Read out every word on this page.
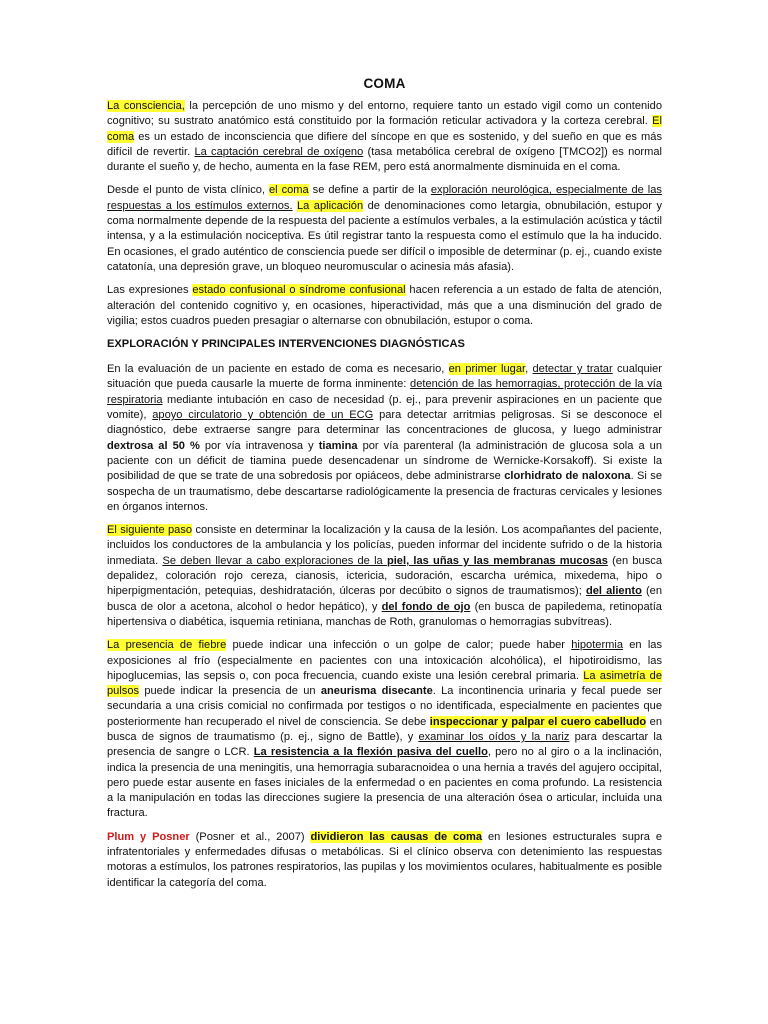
COMA

La consciencia, la percepción de uno mismo y del entorno, requiere tanto un estado vigil como un contenido cognitivo; su sustrato anatómico está constituido por la formación reticular activadora y la corteza cerebral. El coma es un estado de inconsciencia que difiere del síncope en que es sostenido, y del sueño en que es más difícil de revertir. La captación cerebral de oxígeno (tasa metabólica cerebral de oxígeno [TMCO2]) es normal durante el sueño y, de hecho, aumenta en la fase REM, pero está anormalmente disminuida en el coma.

Desde el punto de vista clínico, el coma se define a partir de la exploración neurológica, especialmente de las respuestas a los estímulos externos. La aplicación de denominaciones como letargia, obnubilación, estupor y coma normalmente depende de la respuesta del paciente a estímulos verbales, a la estimulación acústica y táctil intensa, y a la estimulación nociceptiva. Es útil registrar tanto la respuesta como el estímulo que la ha inducido. En ocasiones, el grado auténtico de consciencia puede ser difícil o imposible de determinar (p. ej., cuando existe catatonía, una depresión grave, un bloqueo neuromuscular o acinesia más afasia).

Las expresiones estado confusional o síndrome confusional hacen referencia a un estado de falta de atención, alteración del contenido cognitivo y, en ocasiones, hiperactividad, más que a una disminución del grado de vigilia; estos cuadros pueden presagiar o alternarse con obnubilación, estupor o coma.

EXPLORACIÓN Y PRINCIPALES INTERVENCIONES DIAGNÓSTICAS

En la evaluación de un paciente en estado de coma es necesario, en primer lugar, detectar y tratar cualquier situación que pueda causarle la muerte de forma inminente: detención de las hemorragias, protección de la vía respiratoria mediante intubación en caso de necesidad (p. ej., para prevenir aspiraciones en un paciente que vomite), apoyo circulatorio y obtención de un ECG para detectar arritmias peligrosas. Si se desconoce el diagnóstico, debe extraerse sangre para determinar las concentraciones de glucosa, y luego administrar dextrosa al 50 % por vía intravenosa y tiamina por vía parenteral (la administración de glucosa sola a un paciente con un déficit de tiamina puede desencadenar un síndrome de Wernicke-Korsakoff). Si existe la posibilidad de que se trate de una sobredosis por opiáceos, debe administrarse clorhidrato de naloxona. Si se sospecha de un traumatismo, debe descartarse radiológicamente la presencia de fracturas cervicales y lesiones en órganos internos.

El siguiente paso consiste en determinar la localización y la causa de la lesión. Los acompañantes del paciente, incluidos los conductores de la ambulancia y los policías, pueden informar del incidente sufrido o de la historia inmediata. Se deben llevar a cabo exploraciones de la piel, las uñas y las membranas mucosas (en busca depalidez, coloración rojo cereza, cianosis, ictericia, sudoración, escarcha urémica, mixedema, hipo o hiperpigmentación, petequias, deshidratación, úlceras por decúbito o signos de traumatismos); del aliento (en busca de olor a acetona, alcohol o hedor hepático), y del fondo de ojo (en busca de papiledema, retinopatía hipertensiva o diabética, isquemia retiniana, manchas de Roth, granulomas o hemorragias subvítreas).

La presencia de fiebre puede indicar una infección o un golpe de calor; puede haber hipotermia en las exposiciones al frío (especialmente en pacientes con una intoxicación alcohólica), el hipotiroidismo, las hipoglucemias, las sepsis o, con poca frecuencia, cuando existe una lesión cerebral primaria. La asimetría de pulsos puede indicar la presencia de un aneurisma disecante. La incontinencia urinaria y fecal puede ser secundaria a una crisis comicial no confirmada por testigos o no identificada, especialmente en pacientes que posteriormente han recuperado el nivel de consciencia. Se debe inspeccionar y palpar el cuero cabelludo en busca de signos de traumatismo (p. ej., signo de Battle), y examinar los oídos y la nariz para descartar la presencia de sangre o LCR. La resistencia a la flexión pasiva del cuello, pero no al giro o a la inclinación, indica la presencia de una meningitis, una hemorragia subaracnoidea o una hernia a través del agujero occipital, pero puede estar ausente en fases iniciales de la enfermedad o en pacientes en coma profundo. La resistencia a la manipulación en todas las direcciones sugiere la presencia de una alteración ósea o articular, incluida una fractura.

Plum y Posner (Posner et al., 2007) dividieron las causas de coma en lesiones estructurales supra e infratentoriales y enfermedades difusas o metabólicas. Si el clínico observa con detenimiento las respuestas motoras a estímulos, los patrones respiratorios, las pupilas y los movimientos oculares, habitualmente es posible identificar la categoría del coma.
